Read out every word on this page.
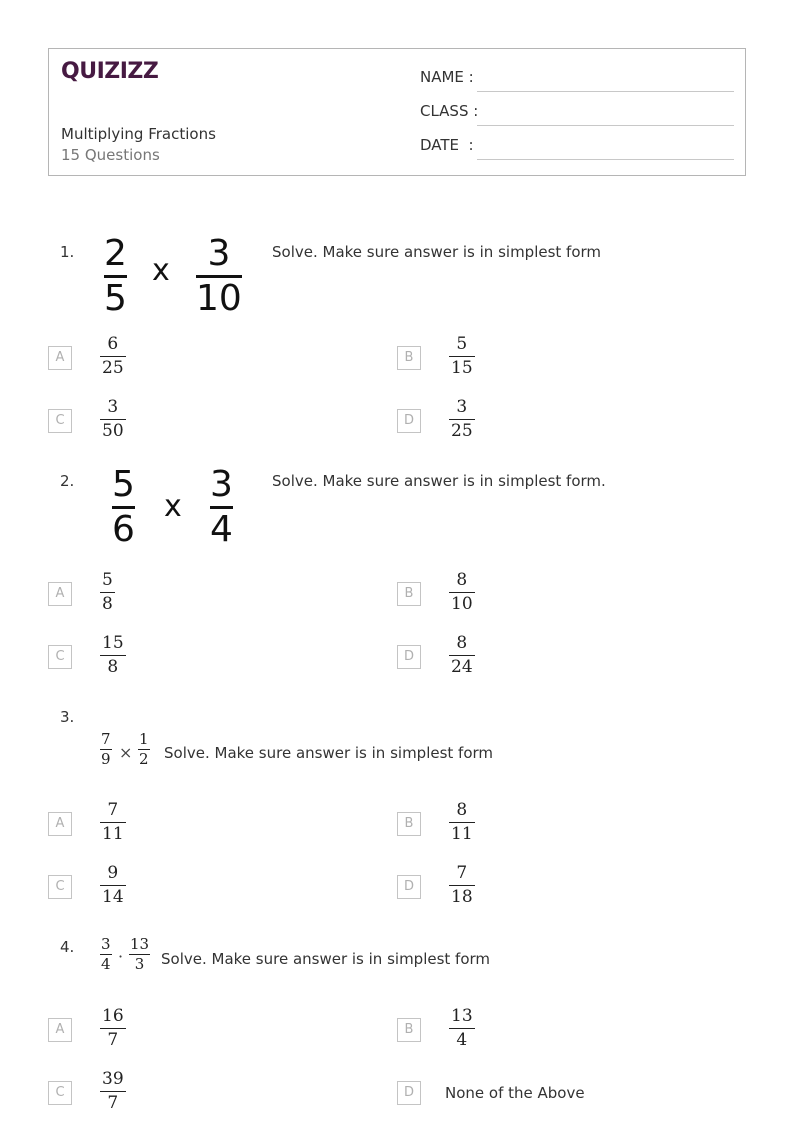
QUIZIZZ
Multiplying Fractions
15 Questions
NAME :
CLASS :
DATE  :
1. 2
5
x 3
10
Solve. Make sure answer is in simplest form
A
6
25
B
5
15
C
3
50
D
3
25
2. 5
6
x
3
4
Solve. Make sure answer is in simplest form.
A
5
8
B
8
10
C
15
8
D
8
24
3.
7
9 ×
1
2 Solve. Make sure answer is in simplest form
A
7
11
B
8
11
C
9
14
D
7
18
4. 3
4 ·
13
3 Solve. Make sure answer is in simplest form
A
16
7
B
13
4
C
39
7
D	None of the Above
